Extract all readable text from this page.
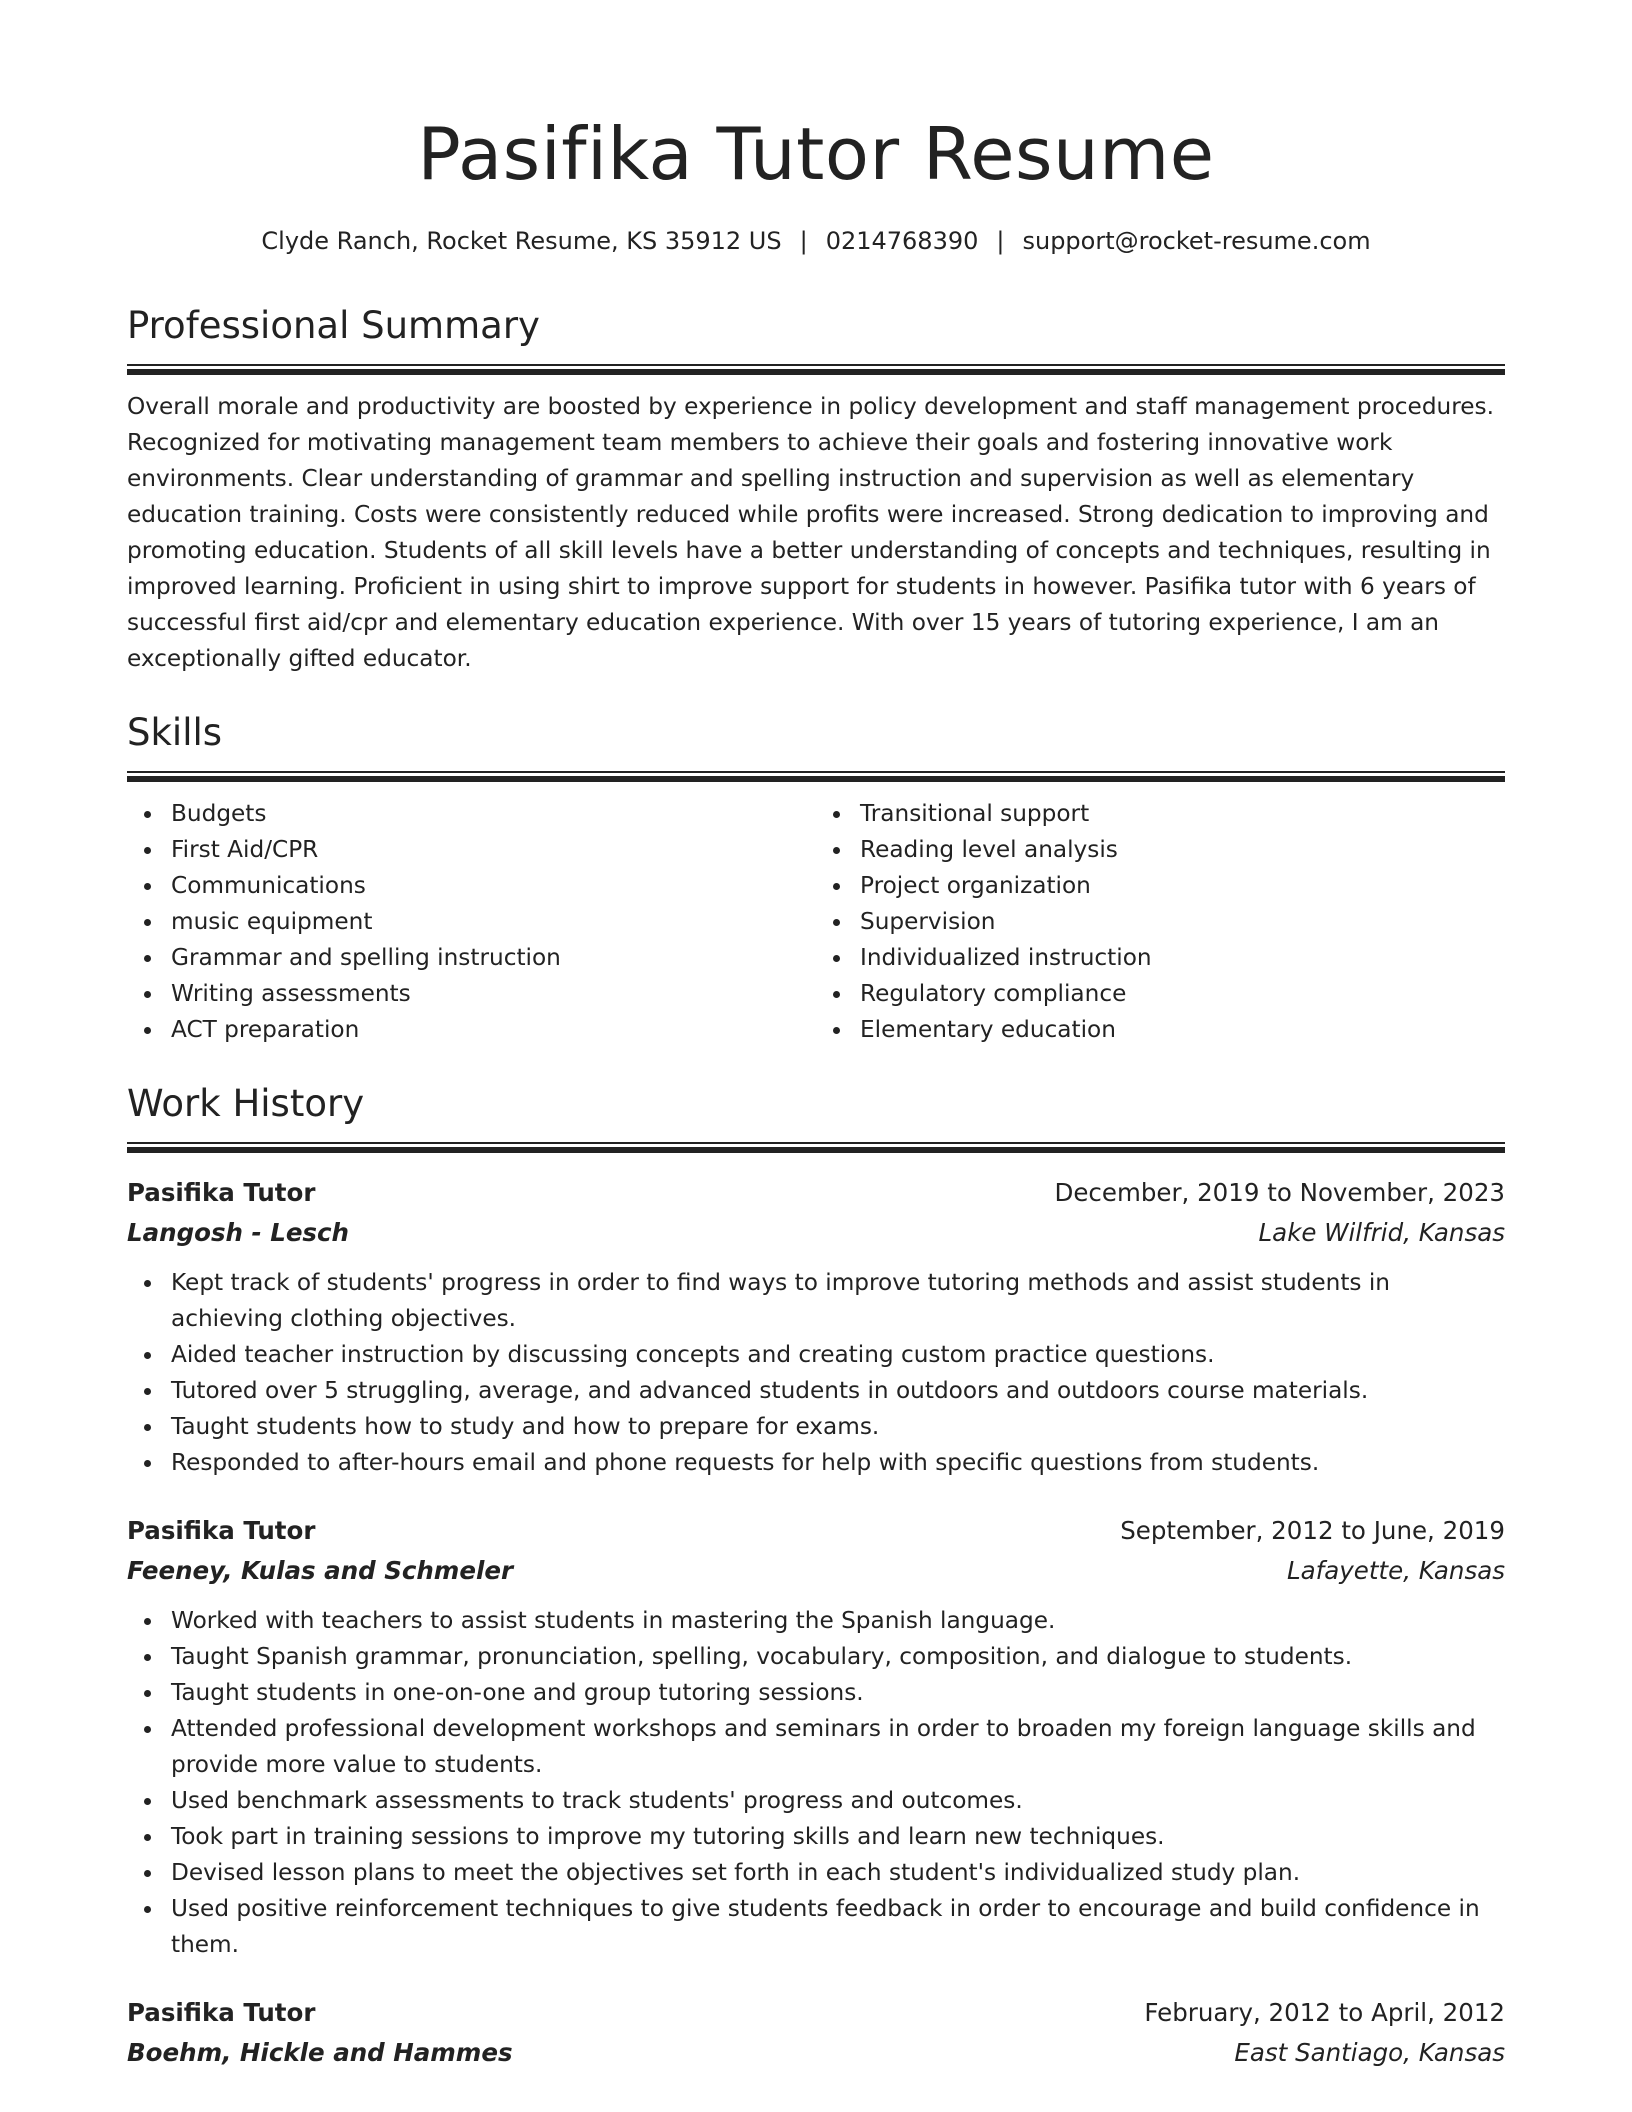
Pasifika Tutor Resume
Clyde Ranch, Rocket Resume, KS 35912 US | 0214768390 | support@rocket-resume.com
Professional Summary

Overall morale and productivity are boosted by experience in policy development and staff management procedures. Recognized for motivating management team members to achieve their goals and fostering innovative work environments. Clear understanding of grammar and spelling instruction and supervision as well as elementary education training. Costs were consistently reduced while profits were increased. Strong dedication to improving and promoting education. Students of all skill levels have a better understanding of concepts and techniques, resulting in improved learning. Proficient in using shirt to improve support for students in however. Pasifika tutor with 6 years of successful first aid/cpr and elementary education experience. With over 15 years of tutoring experience, I am an exceptionally gifted educator.

Skills
Budgets
First Aid/CPR
Communications
music equipment
Grammar and spelling instruction
Writing assessments
ACT preparation
Transitional support
Reading level analysis
Project organization
Supervision
Individualized instruction
Regulatory compliance
Elementary education
Work History
Pasifika Tutor	December, 2019 to November, 2023
Langosh - Lesch	Lake Wilfrid, Kansas
Kept track of students' progress in order to find ways to improve tutoring methods and assist students in achieving clothing objectives.
Aided teacher instruction by discussing concepts and creating custom practice questions.
Tutored over 5 struggling, average, and advanced students in outdoors and outdoors course materials.
Taught students how to study and how to prepare for exams.
Responded to after-hours email and phone requests for help with specific questions from students.
Pasifika Tutor	September, 2012 to June, 2019
Feeney, Kulas and Schmeler	Lafayette, Kansas
Worked with teachers to assist students in mastering the Spanish language.
Taught Spanish grammar, pronunciation, spelling, vocabulary, composition, and dialogue to students.
Taught students in one-on-one and group tutoring sessions.
Attended professional development workshops and seminars in order to broaden my foreign language skills and provide more value to students.
Used benchmark assessments to track students' progress and outcomes.
Took part in training sessions to improve my tutoring skills and learn new techniques.
Devised lesson plans to meet the objectives set forth in each student's individualized study plan.
Used positive reinforcement techniques to give students feedback in order to encourage and build confidence in them.
Pasifika Tutor	February, 2012 to April, 2012
Boehm, Hickle and Hammes	East Santiago, Kansas
